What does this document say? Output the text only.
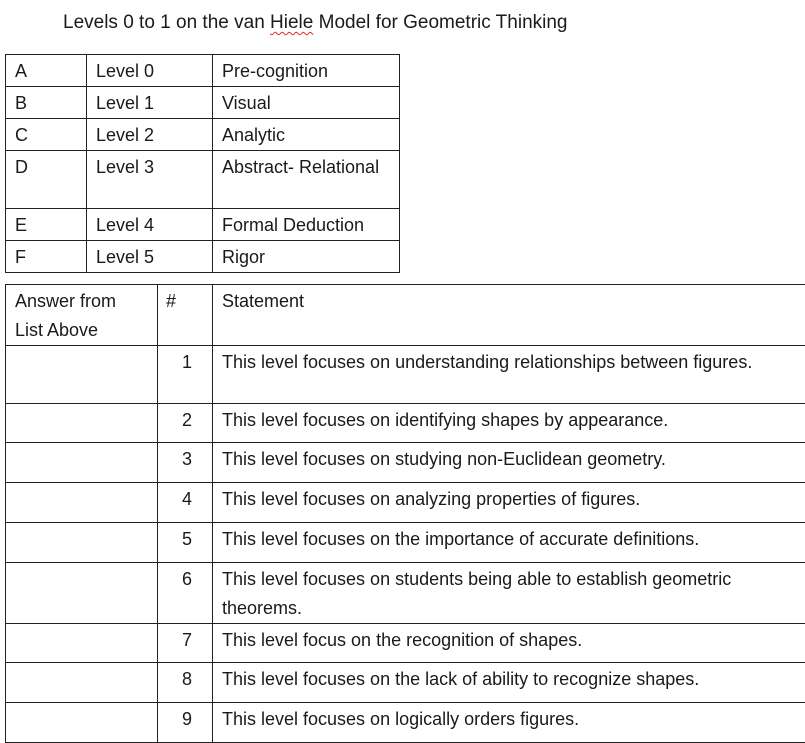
Levels 0 to 1 on the van Hiele Model for Geometric Thinking
A	Level 0	Pre-cognition
B	Level 1	Visual
C	Level 2	Analytic
D	Level 3	Abstract- Relational
E	Level 4	Formal Deduction
F	Level 5	Rigor
Answer from List Above	#	Statement
	1	This level focuses on understanding relationships between figures.
	2	This level focuses on identifying shapes by appearance.
	3	This level focuses on studying non-Euclidean geometry.
	4	This level focuses on analyzing properties of figures.
	5	This level focuses on the importance of accurate definitions.
	6	This level focuses on students being able to establish geometric theorems.
	7	This level focus on the recognition of shapes.
	8	This level focuses on the lack of ability to recognize shapes.
	9	This level focuses on logically orders figures.
